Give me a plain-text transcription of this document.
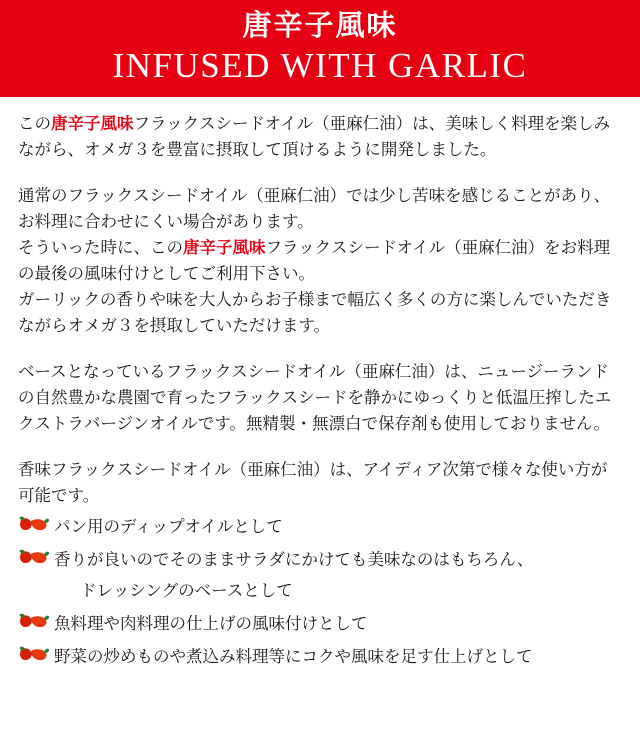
唐辛子風味
INFUSED WITH GARLIC

この唐辛子風味フラックスシードオイル（亜麻仁油）は、美味しく料理を楽しみながら、オメガ３を豊富に摂取して頂けるように開発しました。

通常のフラックスシードオイル（亜麻仁油）では少し苦味を感じることがあり、お料理に合わせにくい場合があります。

そういった時に、この唐辛子風味フラックスシードオイル（亜麻仁油）をお料理の最後の風味付けとしてご利用下さい。

ガーリックの香りや味を大人からお子様まで幅広く多くの方に楽しんでいただきながらオメガ３を摂取していただけます。

ベースとなっているフラックスシードオイル（亜麻仁油）は、ニュージーランドの自然豊かな農園で育ったフラックスシードを静かにゆっくりと低温圧搾したエクストラバージンオイルです。無精製・無漂白で保存剤も使用しておりません。

香味フラックスシードオイル（亜麻仁油）は、アイディア次第で様々な使い方が可能です。

パン用のディップオイルとして
香りが良いのでそのままサラダにかけても美味なのはもちろん、
ドレッシングのベースとして
魚料理や肉料理の仕上げの風味付けとして
野菜の炒めものや煮込み料理等にコクや風味を足す仕上げとして
